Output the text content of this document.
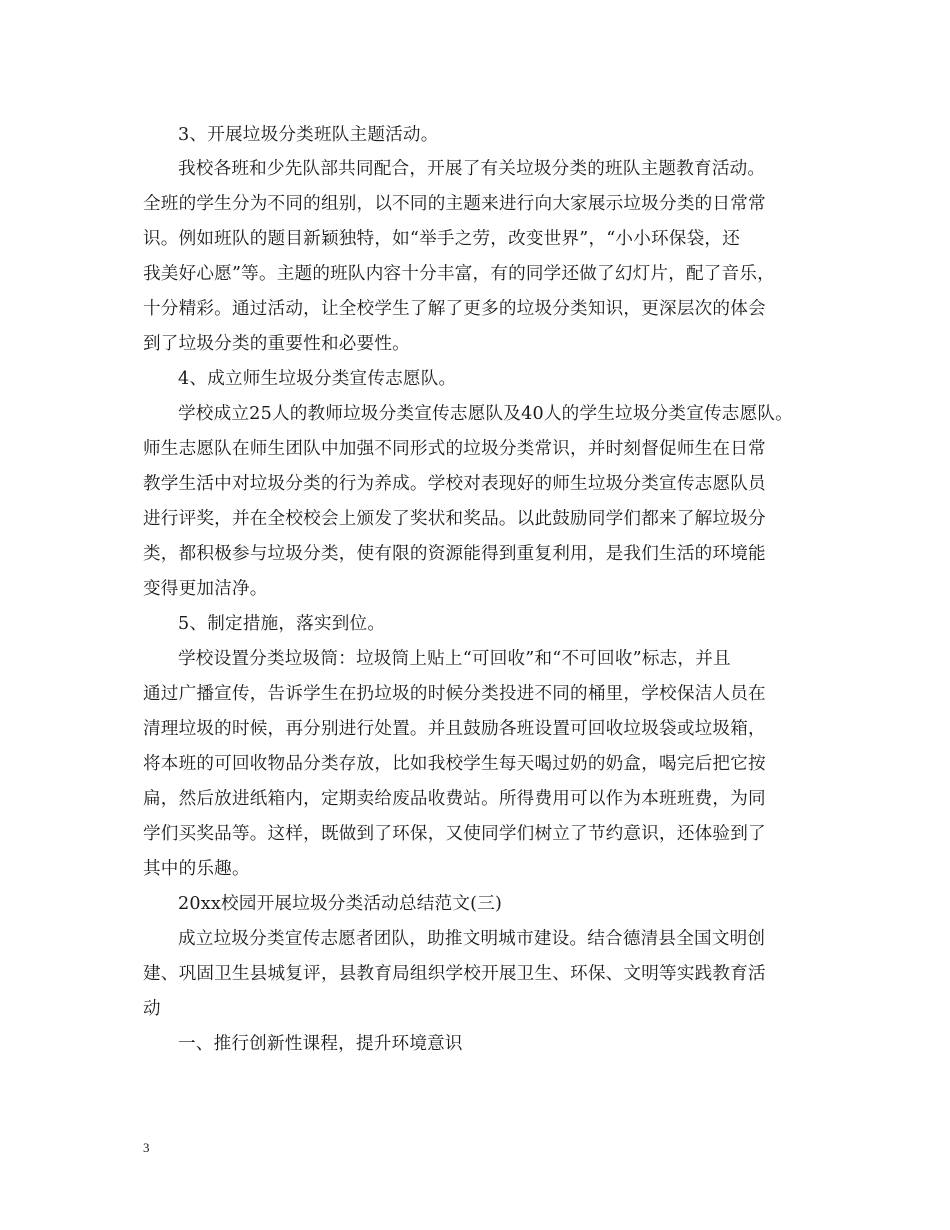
3、开展垃圾分类班队主题活动。
我校各班和少先队部共同配合，开展了有关垃圾分类的班队主题教育活动。
全班的学生分为不同的组别，以不同的主题来进行向大家展示垃圾分类的日常常
识。例如班队的题目新颖独特，如“举手之劳，改变世界”，“小小环保袋，还
我美好心愿”等。主题的班队内容十分丰富，有的同学还做了幻灯片，配了音乐，
十分精彩。通过活动，让全校学生了解了更多的垃圾分类知识，更深层次的体会
到了垃圾分类的重要性和必要性。
4、成立师生垃圾分类宣传志愿队。
学校成立25人的教师垃圾分类宣传志愿队及40人的学生垃圾分类宣传志愿队。
师生志愿队在师生团队中加强不同形式的垃圾分类常识，并时刻督促师生在日常
教学生活中对垃圾分类的行为养成。学校对表现好的师生垃圾分类宣传志愿队员
进行评奖，并在全校校会上颁发了奖状和奖品。以此鼓励同学们都来了解垃圾分
类，都积极参与垃圾分类，使有限的资源能得到重复利用，是我们生活的环境能
变得更加洁净。
5、制定措施，落实到位。
学校设置分类垃圾筒：垃圾筒上贴上“可回收”和“不可回收”标志，并且
通过广播宣传，告诉学生在扔垃圾的时候分类投进不同的桶里，学校保洁人员在
清理垃圾的时候，再分别进行处置。并且鼓励各班设置可回收垃圾袋或垃圾箱，
将本班的可回收物品分类存放，比如我校学生每天喝过奶的奶盒，喝完后把它按
扁，然后放进纸箱内，定期卖给废品收费站。所得费用可以作为本班班费，为同
学们买奖品等。这样，既做到了环保，又使同学们树立了节约意识，还体验到了
其中的乐趣。
20xx校园开展垃圾分类活动总结范文(三)
成立垃圾分类宣传志愿者团队，助推文明城市建设。结合德清县全国文明创
建、巩固卫生县城复评，县教育局组织学校开展卫生、环保、文明等实践教育活
动
一、推行创新性课程，提升环境意识
3
